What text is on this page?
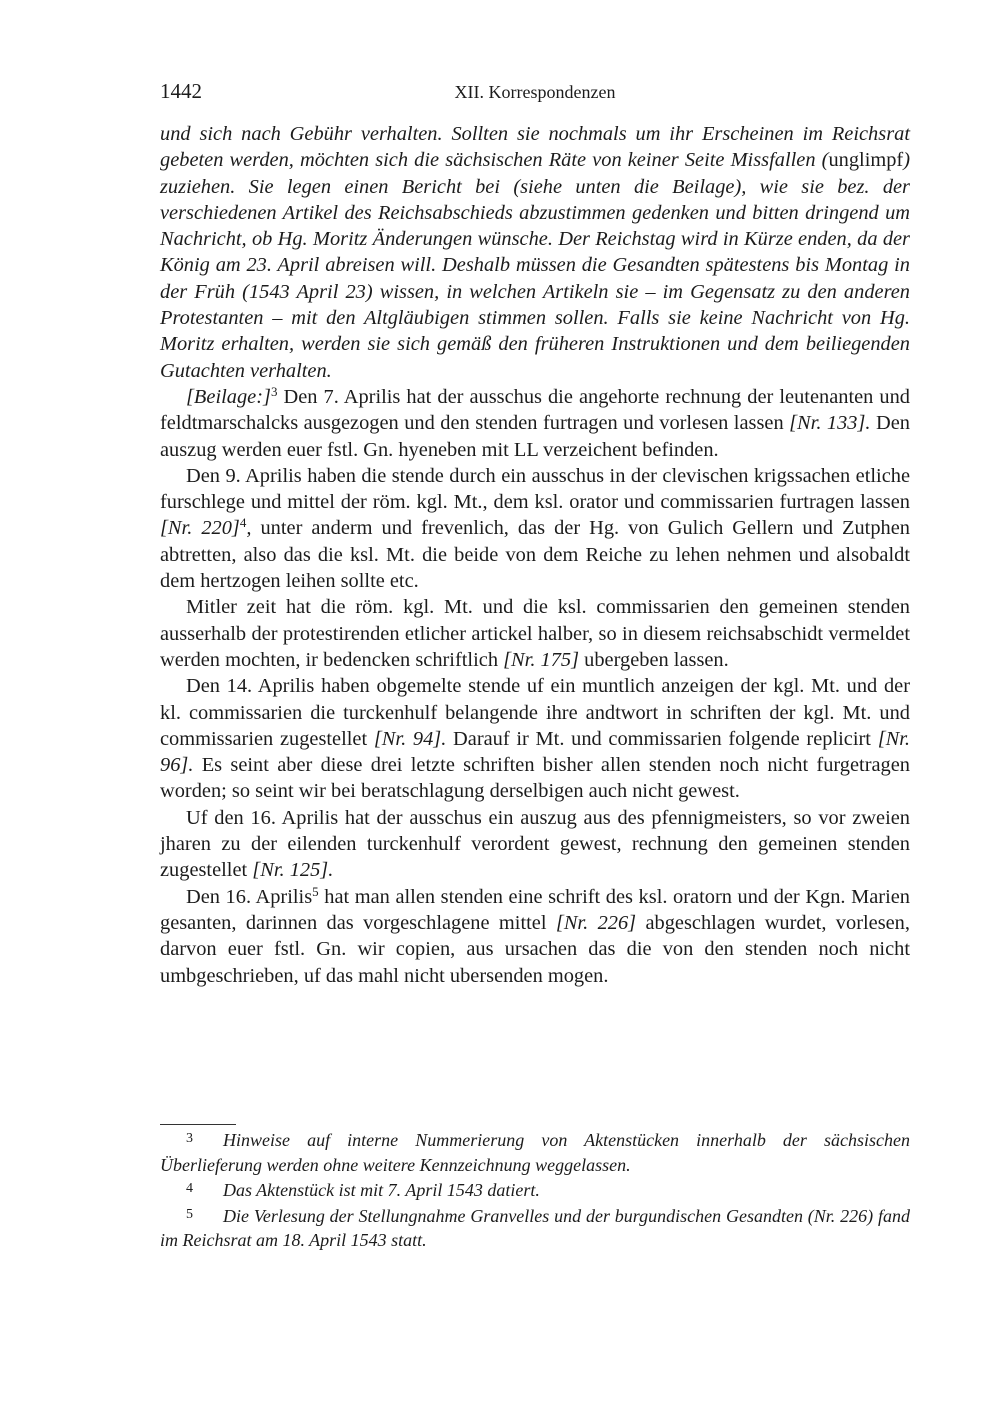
1442	XII. Korrespondenzen

und sich nach Gebühr verhalten. Sollten sie nochmals um ihr Erscheinen im Reichsrat gebeten werden, möchten sich die sächsischen Räte von keiner Seite Missfallen (unglimpf) zuziehen. Sie legen einen Bericht bei (siehe unten die Beilage), wie sie bez. der verschiedenen Artikel des Reichsabschieds abzustimmen gedenken und bitten dringend um Nachricht, ob Hg. Moritz Änderungen wünsche. Der Reichstag wird in Kürze enden, da der König am 23. April abreisen will. Deshalb müssen die Gesandten spätestens bis Montag in der Früh (1543 April 23) wissen, in welchen Artikeln sie – im Gegensatz zu den anderen Protestanten – mit den Altgläubigen stimmen sollen. Falls sie keine Nachricht von Hg. Moritz erhalten, werden sie sich gemäß den früheren Instruktionen und dem beiliegenden Gutachten verhalten.

[Beilage:]$^3$ Den 7. Aprilis hat der ausschus die angehorte rechnung der leutenanten und feldtmarschalcks ausgezogen und den stenden furtragen und vorlesen lassen [Nr. 133]. Den auszug werden euer fstl. Gn. hyeneben mit LL verzeichent befinden.

Den 9. Aprilis haben die stende durch ein ausschus in der clevischen krigssachen etliche furschlege und mittel der röm. kgl. Mt., dem ksl. orator und commissarien furtragen lassen [Nr. 220]$^4$, unter anderm und frevenlich, das der Hg. von Gulich Gellern und Zutphen abtretten, also das die ksl. Mt. die beide von dem Reiche zu lehen nehmen und alsobaldt dem hertzogen leihen sollte etc.

Mitler zeit hat die röm. kgl. Mt. und die ksl. commissarien den gemeinen stenden ausserhalb der protestirenden etlicher artickel halber, so in diesem reichsabschidt vermeldet werden mochten, ir bedencken schriftlich [Nr. 175] ubergeben lassen.

Den 14. Aprilis haben obgemelte stende uf ein muntlich anzeigen der kgl. Mt. und der kl. commissarien die turckenhulf belangende ihre andtwort in schriften der kgl. Mt. und commissarien zugestellet [Nr. 94]. Darauf ir Mt. und commissarien folgende replicirt [Nr. 96]. Es seint aber diese drei letzte schriften bisher allen stenden noch nicht furgetragen worden; so seint wir bei beratschlagung derselbigen auch nicht gewest.

Uf den 16. Aprilis hat der ausschus ein auszug aus des pfennigmeisters, so vor zweien jharen zu der eilenden turckenhulf verordent gewest, rechnung den gemeinen stenden zugestellet [Nr. 125].

Den 16. Aprilis$^5$ hat man allen stenden eine schrift des ksl. oratorn und der Kgn. Marien gesanten, darinnen das vorgeschlagene mittel [Nr. 226] abgeschlagen wurdet, vorlesen, darvon euer fstl. Gn. wir copien, aus ursachen das die von den stenden noch nicht umbgeschrieben, uf das mahl nicht ubersenden mogen.

3 Hinweise auf interne Nummerierung von Aktenstücken innerhalb der sächsischen Überlieferung werden ohne weitere Kennzeichnung weggelassen.

4 Das Aktenstück ist mit 7. April 1543 datiert.

5 Die Verlesung der Stellungnahme Granvelles und der burgundischen Gesandten (Nr. 226) fand im Reichsrat am 18. April 1543 statt.
